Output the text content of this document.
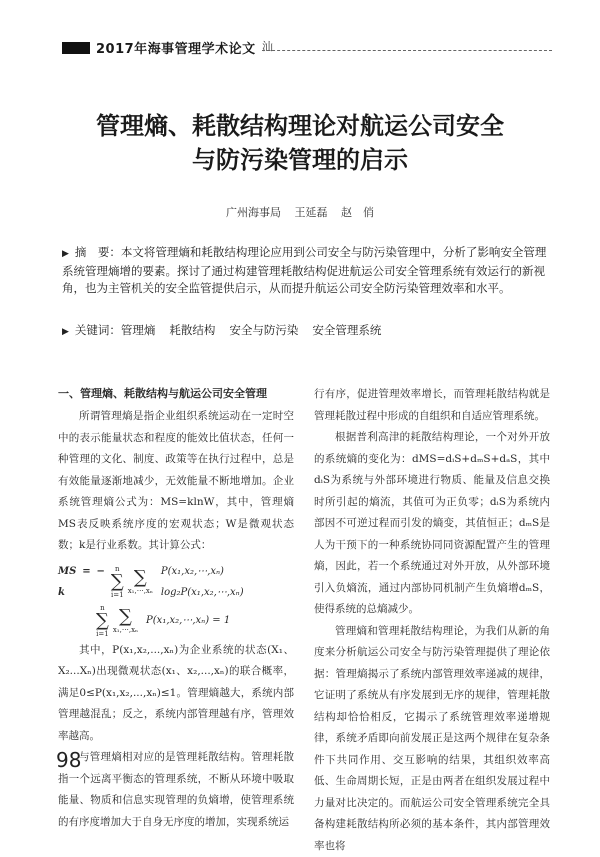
2017年海事管理学术论文 汕
管理熵、耗散结构理论对航运公司安全
与防污染管理的启示
广州海事局 王延磊 赵　俏
▶ 摘　要：本文将管理熵和耗散结构理论应用到公司安全与防污染管理中，分析了影响安全管理系统管理熵增的要素。探讨了通过构建管理耗散结构促进航运公司安全管理系统有效运行的新视角，也为主管机关的安全监管提供启示，从而提升航运公司安全防污染管理效率和水平。
▶ 关键词：管理熵 耗散结构 安全与防污染 安全管理系统
一、管理熵、耗散结构与航运公司安全管理

所谓管理熵是指企业组织系统运动在一定时空中的表示能量状态和程度的能效比值状态，任何一种管理的文化、制度、政策等在执行过程中，总是有效能量逐渐地减少，无效能量不断地增加。企业系统管理熵公式为：MS=klnW，其中，管理熵MS表反映系统序度的宏观状态；W是微观状态数；k是行业系数。其计算公式：

MS = − k
n
∑
i=1
∑
x₁,⋯,xₙ
P(x₁,x₂,⋯,xₙ) log₂P(x₁,x₂,⋯,xₙ)
n
∑
i=1
∑
x₁,⋯,xₙ
P(x₁,x₂,⋯,xₙ) = 1

其中，P(x₁,x₂,...,xₙ)为企业系统的状态(X₁、X₂...Xₙ)出现微观状态(x₁、x₂,...,xₙ)的联合概率，满足0≤P(x₁,x₂,...,xₙ)≤1。管理熵越大，系统内部管理越混乱；反之，系统内部管理越有序，管理效率越高。

与管理熵相对应的是管理耗散结构。管理耗散指一个远离平衡态的管理系统，不断从环境中吸取能量、物质和信息实现管理的负熵增，使管理系统的有序度增加大于自身无序度的增加，实现系统运

行有序，促进管理效率增长，而管理耗散结构就是管理耗散过程中形成的自组织和自适应管理系统。

根据普利高津的耗散结构理论，一个对外开放的系统熵的变化为：dMS=dᵢS+dₘS+dₐS，其中dᵢS为系统与外部环境进行物质、能量及信息交换时所引起的熵流，其值可为正负零；dᵢS为系统内部因不可逆过程而引发的熵变，其值恒正；dₘS是人为干预下的一种系统协同同资源配置产生的管理熵，因此，若一个系统通过对外开放，从外部环境引入负熵流，通过内部协同机制产生负熵增dₘS，使得系统的总熵减少。

管理熵和管理耗散结构理论，为我们从新的角度来分析航运公司安全与防污染管理提供了理论依据：管理熵揭示了系统内部管理效率递减的规律，它证明了系统从有序发展到无序的规律，管理耗散结构却恰恰相反，它揭示了系统管理效率递增规律，系统矛盾即向前发展正是这两个规律在复杂条件下共同作用、交互影响的结果，其组织效率高低、生命周期长短，正是由两者在组织发展过程中力量对比决定的。而航运公司安全管理系统完全具备构建耗散结构所必须的基本条件，其内部管理效率也将

98
